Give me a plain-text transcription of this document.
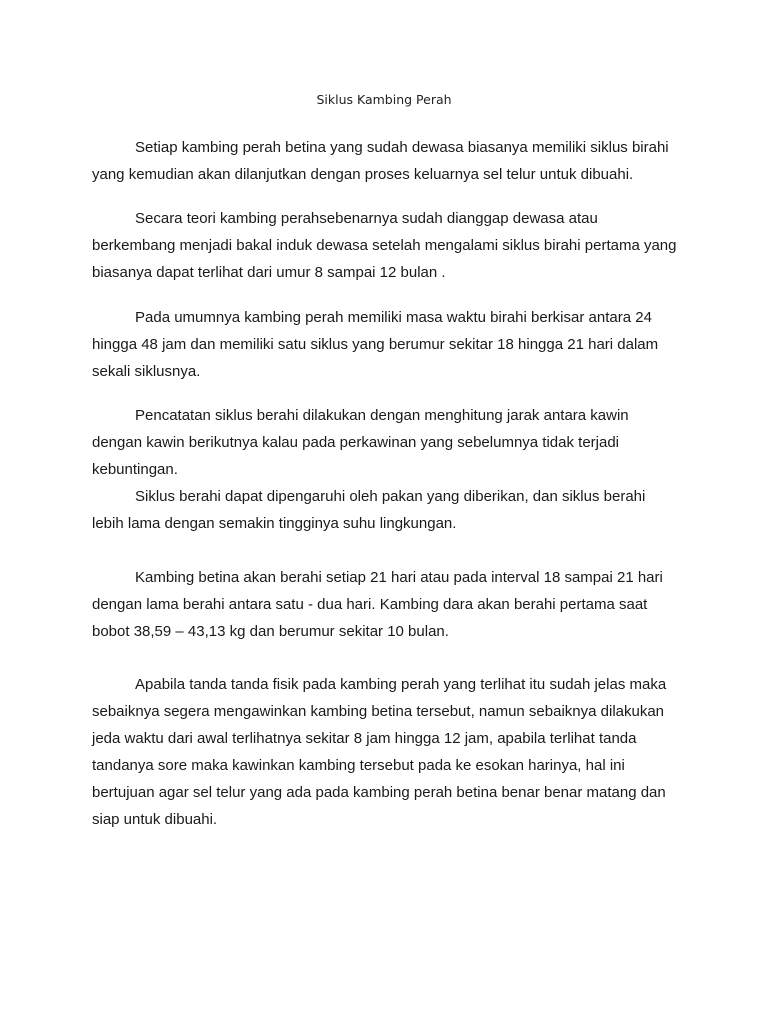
Siklus Kambing Perah
Setiap kambing perah betina yang sudah dewasa biasanya memiliki siklus birahi
yang kemudian akan dilanjutkan dengan proses keluarnya sel telur untuk dibuahi.
Secara teori kambing perahsebenarnya sudah dianggap dewasa atau
berkembang menjadi bakal induk dewasa setelah mengalami siklus birahi pertama yang
biasanya dapat terlihat dari umur 8 sampai 12 bulan .
Pada umumnya kambing perah memiliki masa waktu birahi berkisar antara 24
hingga 48 jam dan memiliki satu siklus yang berumur sekitar 18 hingga 21 hari dalam
sekali siklusnya.
Pencatatan siklus berahi dilakukan dengan menghitung jarak antara kawin
dengan kawin berikutnya kalau pada perkawinan yang sebelumnya tidak terjadi
kebuntingan.
Siklus berahi dapat dipengaruhi oleh pakan yang diberikan, dan siklus berahi
lebih lama dengan semakin tingginya suhu lingkungan.
Kambing betina akan berahi setiap 21 hari atau pada interval 18 sampai 21 hari
dengan lama berahi antara satu - dua hari. Kambing dara akan berahi pertama saat
bobot 38,59 – 43,13 kg dan berumur sekitar 10 bulan.
Apabila tanda tanda fisik pada kambing perah yang terlihat itu sudah jelas maka
sebaiknya segera mengawinkan kambing betina tersebut, namun sebaiknya dilakukan
jeda waktu dari awal terlihatnya sekitar 8 jam hingga 12 jam, apabila terlihat tanda
tandanya sore maka kawinkan kambing tersebut pada ke esokan harinya, hal ini
bertujuan agar sel telur yang ada pada kambing perah betina benar benar matang dan
siap untuk dibuahi.
